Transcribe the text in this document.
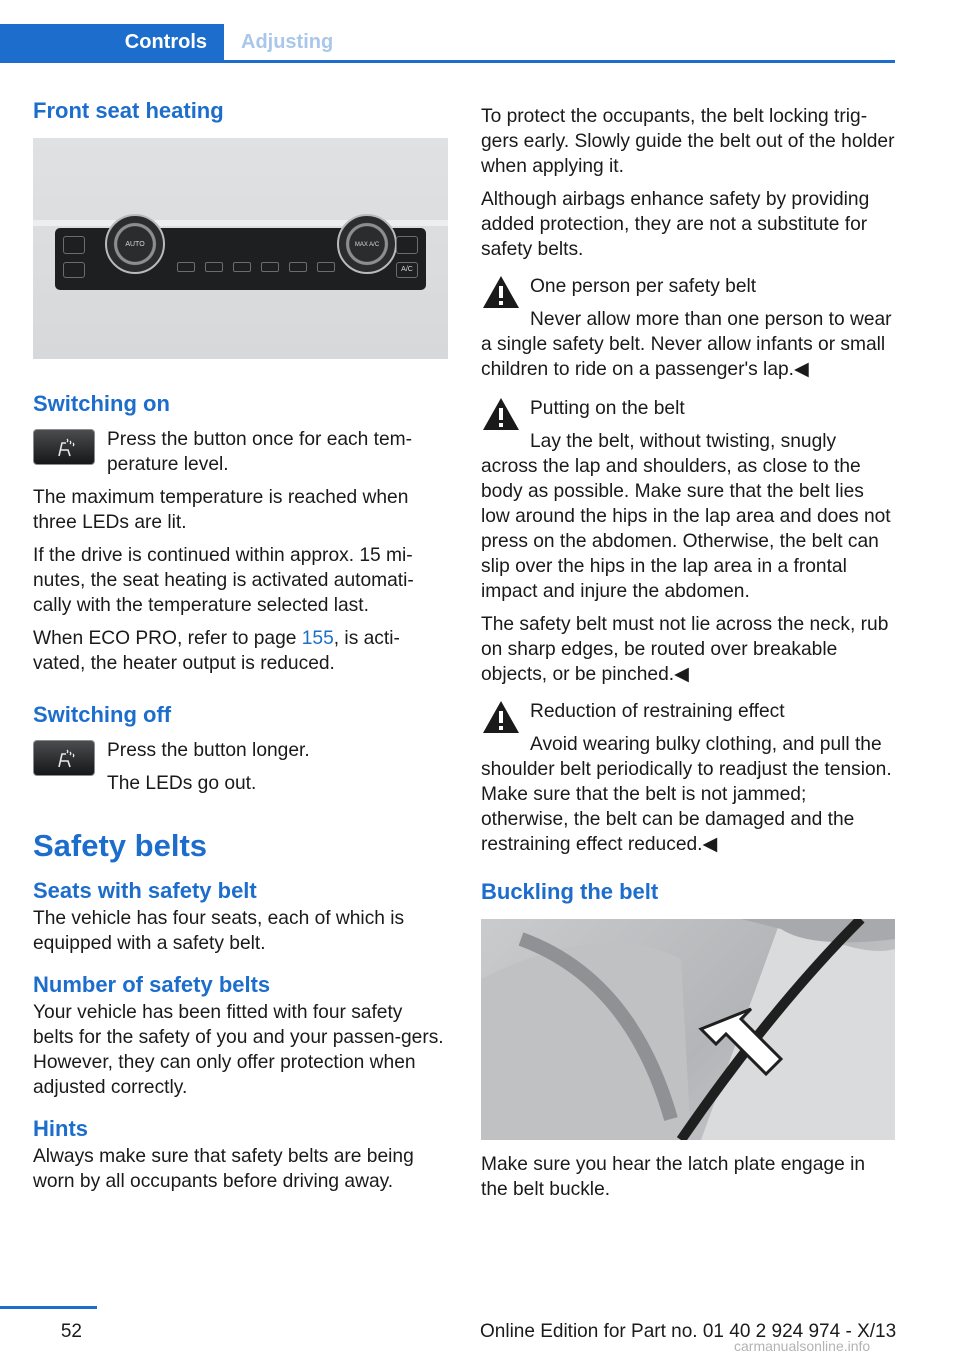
Controls	Adjusting
Front seat heating
AUTO	MAX A/C
A/C
Switching on

Press the button once for each tem‐perature level.

The maximum temperature is reached when three LEDs are lit.

If the drive is continued within approx. 15 mi‐nutes, the seat heating is activated automati‐cally with the temperature selected last.

When ECO PRO, refer to page 155, is acti‐vated, the heater output is reduced.

Switching off

Press the button longer.

The LEDs go out.

Safety belts
Seats with safety belt

The vehicle has four seats, each of which is equipped with a safety belt.

Number of safety belts

Your vehicle has been fitted with four safety belts for the safety of you and your passen‐gers. However, they can only offer protection when adjusted correctly.

Hints

Always make sure that safety belts are being worn by all occupants before driving away.

To protect the occupants, the belt locking trig‐gers early. Slowly guide the belt out of the holder when applying it.

Although airbags enhance safety by providing added protection, they are not a substitute for safety belts.

One person per safety belt

Never allow more than one person to wear a single safety belt. Never allow infants or small children to ride on a passenger's lap.◀

Putting on the belt

Lay the belt, without twisting, snugly across the lap and shoulders, as close to the body as possible. Make sure that the belt lies low around the hips in the lap area and does not press on the abdomen. Otherwise, the belt can slip over the hips in the lap area in a frontal impact and injure the abdomen.

The safety belt must not lie across the neck, rub on sharp edges, be routed over breakable objects, or be pinched.◀

Reduction of restraining effect

Avoid wearing bulky clothing, and pull the shoulder belt periodically to readjust the tension. Make sure that the belt is not jammed; otherwise, the belt can be damaged and the restraining effect reduced.◀

Buckling the belt

Make sure you hear the latch plate engage in the belt buckle.

52	Online Edition for Part no. 01 40 2 924 974 - X/13
carmanualsonline.info
